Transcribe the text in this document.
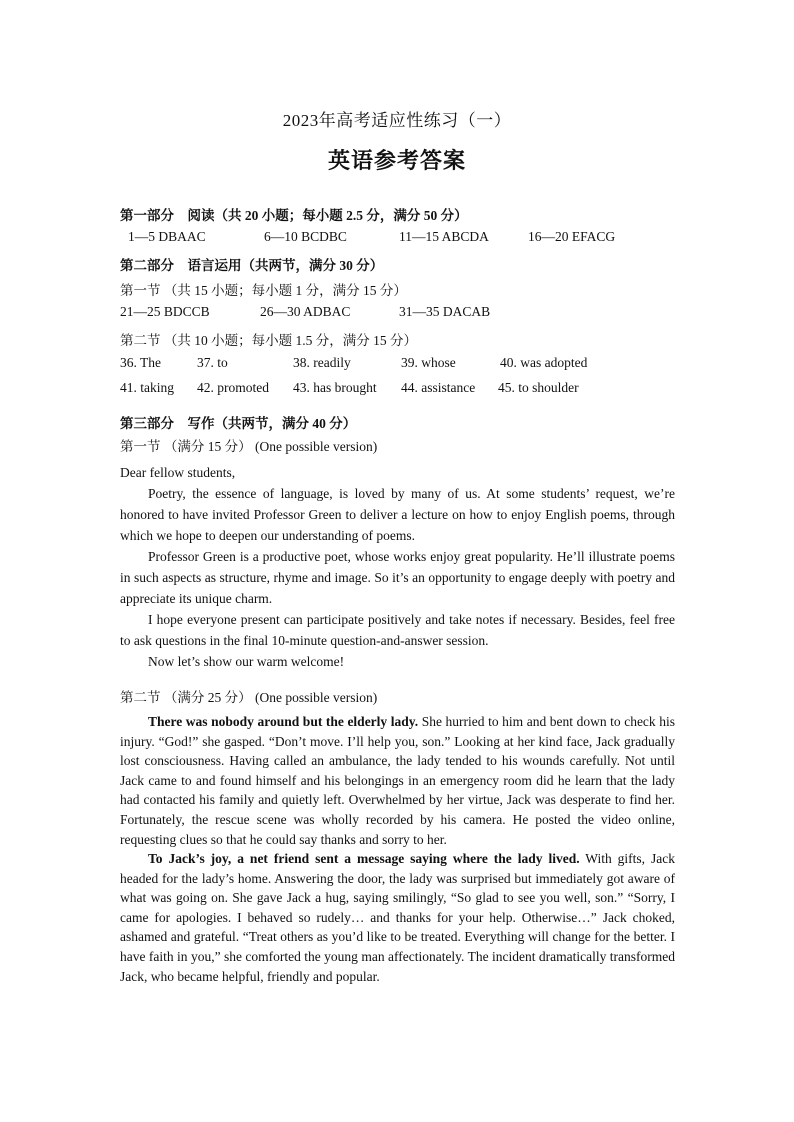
2023年高考适应性练习（一）
英语参考答案
第一部分　阅读（共 20 小题；每小题 2.5 分，满分 50 分）
1—5 DBAAC	6—10 BCDBC	11—15 ABCDA	16—20 EFACG
第二部分　语言运用（共两节，满分 30 分）
第一节 （共 15 小题；每小题 1 分，满分 15 分）
21—25 BDCCB	26—30 ADBAC	31—35 DACAB
第二节 （共 10 小题；每小题 1.5 分，满分 15 分）
36. The	37. to	38. readily	39. whose	40. was adopted
41. taking 42. promoted 43. has brought 44. assistance 45. to shoulder
第三部分　写作（共两节，满分 40 分）
第一节 （满分 15 分） (One possible version)
Dear fellow students,
Poetry, the essence of language, is loved by many of us. At some students’ request, we’re honored to have invited Professor Green to deliver a lecture on how to enjoy English poems, through which we hope to deepen our understanding of poems.
Professor Green is a productive poet, whose works enjoy great popularity. He’ll illustrate poems in such aspects as structure, rhyme and image. So it’s an opportunity to engage deeply with poetry and appreciate its unique charm.
I hope everyone present can participate positively and take notes if necessary. Besides, feel free to ask questions in the final 10-minute question-and-answer session.
Now let’s show our warm welcome!
第二节 （满分 25 分） (One possible version)
There was nobody around but the elderly lady. She hurried to him and bent down to check his injury. “God!” she gasped. “Don’t move. I’ll help you, son.” Looking at her kind face, Jack gradually lost consciousness. Having called an ambulance, the lady tended to his wounds carefully. Not until Jack came to and found himself and his belongings in an emergency room did he learn that the lady had contacted his family and quietly left. Overwhelmed by her virtue, Jack was desperate to find her. Fortunately, the rescue scene was wholly recorded by his camera. He posted the video online, requesting clues so that he could say thanks and sorry to her.
To Jack’s joy, a net friend sent a message saying where the lady lived. With gifts, Jack headed for the lady’s home. Answering the door, the lady was surprised but immediately got aware of what was going on. She gave Jack a hug, saying smilingly, “So glad to see you well, son.” “Sorry, I came for apologies. I behaved so rudely… and thanks for your help. Otherwise…” Jack choked, ashamed and grateful. “Treat others as you’d like to be treated. Everything will change for the better. I have faith in you,” she comforted the young man affectionately. The incident dramatically transformed Jack, who became helpful, friendly and popular.
